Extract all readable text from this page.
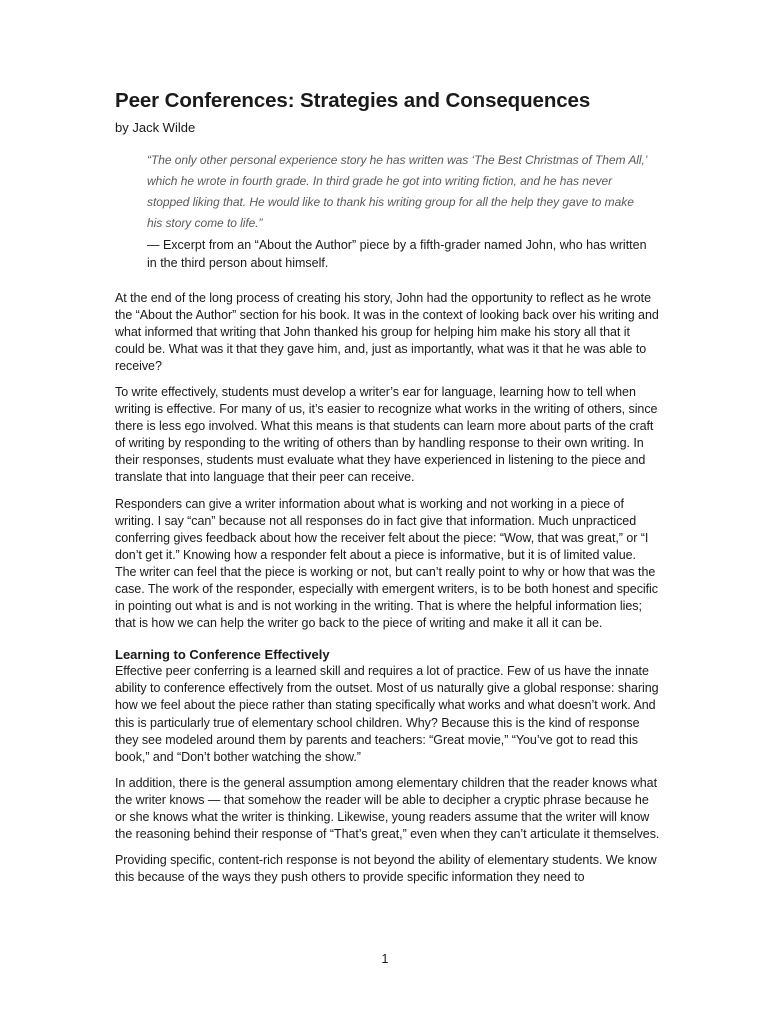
Peer Conferences: Strategies and Consequences

by Jack Wilde

“The only other personal experience story he has written was ‘The Best Christmas of Them All,’ which he wrote in fourth grade. In third grade he got into writing fiction, and he has never stopped liking that. He would like to thank his writing group for all the help they gave to make his story come to life.”

— Excerpt from an “About the Author” piece by a fifth-grader named John, who has written in the third person about himself.

At the end of the long process of creating his story, John had the opportunity to reflect as he wrote the “About the Author” section for his book. It was in the context of looking back over his writing and what informed that writing that John thanked his group for helping him make his story all that it could be. What was it that they gave him, and, just as importantly, what was it that he was able to receive?

To write effectively, students must develop a writer’s ear for language, learning how to tell when writing is effective. For many of us, it’s easier to recognize what works in the writing of others, since there is less ego involved. What this means is that students can learn more about parts of the craft of writing by responding to the writing of others than by handling response to their own writing. In their responses, students must evaluate what they have experienced in listening to the piece and translate that into language that their peer can receive.

Responders can give a writer information about what is working and not working in a piece of writing. I say “can” because not all responses do in fact give that information. Much unpracticed conferring gives feedback about how the receiver felt about the piece: “Wow, that was great,” or “I don’t get it.” Knowing how a responder felt about a piece is informative, but it is of limited value. The writer can feel that the piece is working or not, but can’t really point to why or how that was the case. The work of the responder, especially with emergent writers, is to be both honest and specific in pointing out what is and is not working in the writing. That is where the helpful information lies; that is how we can help the writer go back to the piece of writing and make it all it can be.

Learning to Conference Effectively

Effective peer conferring is a learned skill and requires a lot of practice. Few of us have the innate ability to conference effectively from the outset. Most of us naturally give a global response: sharing how we feel about the piece rather than stating specifically what works and what doesn’t work. And this is particularly true of elementary school children. Why? Because this is the kind of response they see modeled around them by parents and teachers: “Great movie,” “You’ve got to read this book,” and “Don’t bother watching the show.”

In addition, there is the general assumption among elementary children that the reader knows what the writer knows — that somehow the reader will be able to decipher a cryptic phrase because he or she knows what the writer is thinking. Likewise, young readers assume that the writer will know the reasoning behind their response of “That’s great,” even when they can’t articulate it themselves.

Providing specific, content-rich response is not beyond the ability of elementary students. We know this because of the ways they push others to provide specific information they need to

1
